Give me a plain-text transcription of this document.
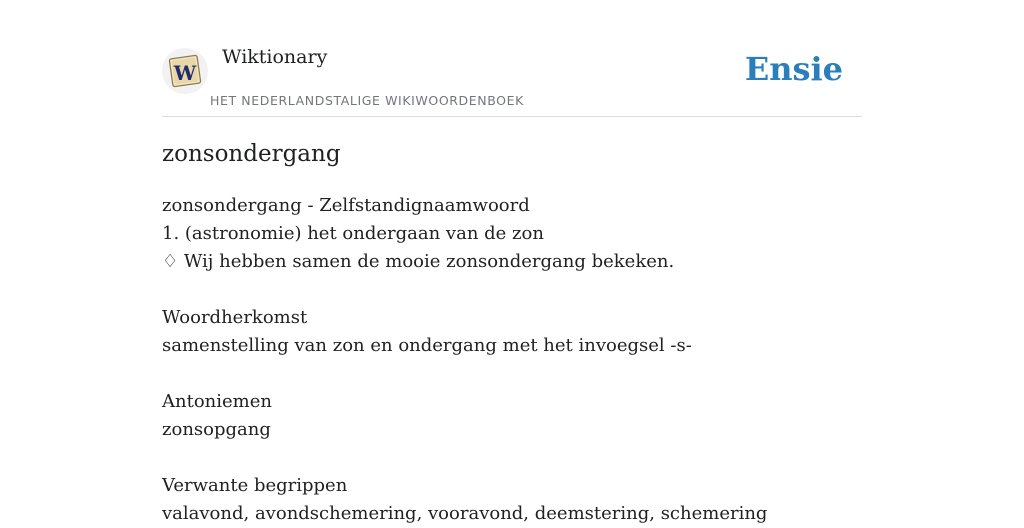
W
Wiktionary
HET NEDERLANDSTALIGE WIKIWOORDENBOEK
Ensie
zonsondergang
zonsondergang - Zelfstandignaamwoord
1. (astronomie) het ondergaan van de zon
♢ Wij hebben samen de mooie zonsondergang bekeken.
Woordherkomst
samenstelling van zon en ondergang met het invoegsel -s-
Antoniemen
zonsopgang
Verwante begrippen
valavond, avondschemering, vooravond, deemstering, schemering
